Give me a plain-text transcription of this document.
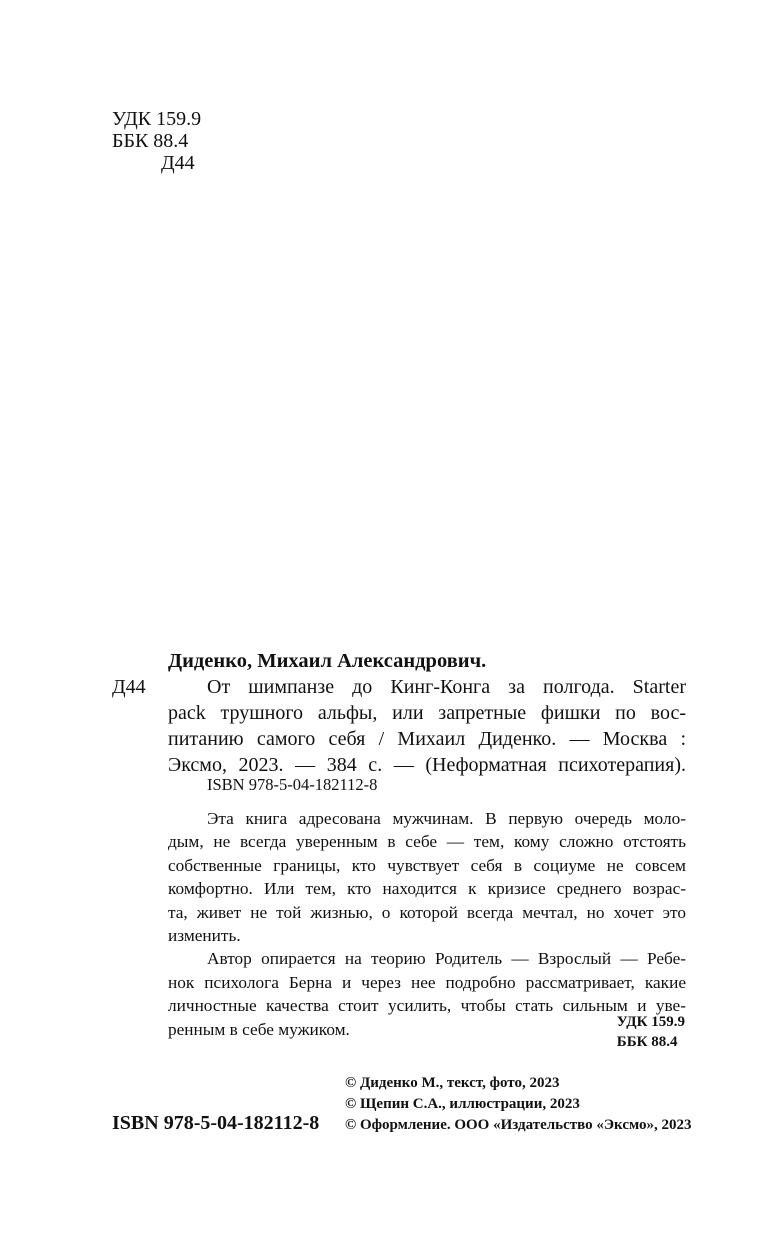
УДК 159.9
ББК 88.4
Д44
Диденко, Михаил Александрович.
Д44	От шимпанзе до Кинг-Конга за полгода. Starter
pack трушного альфы, или запретные фишки по вос-
питанию самого себя / Михаил Диденко. — Москва :
Эксмо, 2023. — 384 с. — (Неформатная психотерапия).
ISBN 978-5-04-182112-8
Эта книга адресована мужчинам. В первую очередь моло-
дым, не всегда уверенным в себе — тем, кому сложно отстоять
собственные границы, кто чувствует себя в социуме не совсем
комфортно. Или тем, кто находится к кризисе среднего возрас-
та, живет не той жизнью, о которой всегда мечтал, но хочет это
изменить.
Автор опирается на теорию Родитель — Взрослый — Ребе-
нок психолога Берна и через нее подробно рассматривает, какие
личностные качества стоит усилить, чтобы стать сильным и уве-
ренным в себе мужиком.	УДК 159.9
ББК 88.4
© Диденко М., текст, фото, 2023
© Щепин С.А., иллюстрации, 2023
© Оформление. ООО «Издательство «Эксмо», 2023
ISBN 978-5-04-182112-8
